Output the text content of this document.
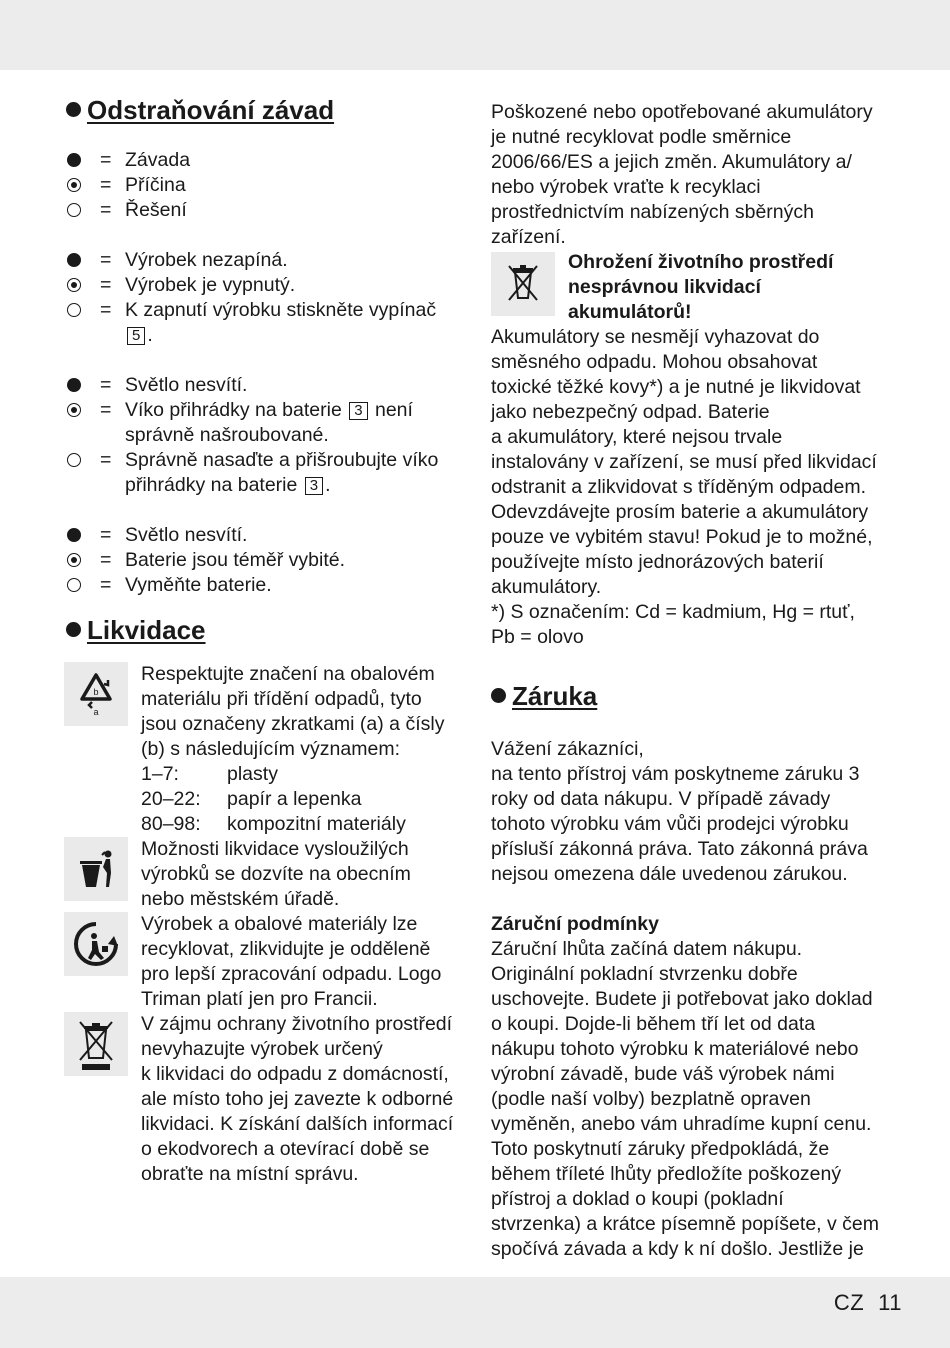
Odstraňování závad
= Závada
= Příčina
= Řešení
= Výrobek nezapíná.
= Výrobek je vypnutý.
= K zapnutí výrobku stiskněte vypínač
5 .
= Světlo nesvítí.
= Víko přihrádky na baterie 3 není
správně našroubované.
= Správně nasaďte a přišroubujte víko
přihrádky na baterie 3 .
= Světlo nesvítí.
= Baterie jsou téměř vybité.
= Vyměňte baterie.
Likvidace
b
a
Respektujte značení na obalovém
materiálu při třídění odpadů, tyto
jsou označeny zkratkami (a) a čísly
(b) s následujícím významem:
1–7: plasty
20–22: papír a lepenka
80–98: kompozitní materiály
Možnosti likvidace vysloužilých
výrobků se dozvíte na obecním
nebo městském úřadě.
Výrobek a obalové materiály lze
recyklovat, zlikvidujte je odděleně
pro lepší zpracování odpadu. Logo
Triman platí jen pro Francii.
V zájmu ochrany životního prostředí
nevyhazujte výrobek určený
k likvidaci do odpadu z domácností,
ale místo toho jej zavezte k odborné
likvidaci. K získání dalších informací
o ekodvorech a otevírací době se
obraťte na místní správu.
Poškozené nebo opotřebované akumulátory
je nutné recyklovat podle směrnice
2006/66/ES a jejich změn. Akumulátory a/
nebo výrobek vraťte k recyklaci
prostřednictvím nabízených sběrných
zařízení.
Ohrožení životního prostředí
nesprávnou likvidací
akumulátorů!
Akumulátory se nesmějí vyhazovat do
směsného odpadu. Mohou obsahovat
toxické těžké kovy*) a je nutné je likvidovat
jako nebezpečný odpad. Baterie
a akumulátory, které nejsou trvale
instalovány v zařízení, se musí před likvidací
odstranit a zlikvidovat s tříděným odpadem.
Odevzdávejte prosím baterie a akumulátory
pouze ve vybitém stavu! Pokud je to možné,
používejte místo jednorázových baterií
akumulátory.
*) S označením: Cd = kadmium, Hg = rtuť,
Pb = olovo
Záruka
Vážení zákazníci,
na tento přístroj vám poskytneme záruku 3
roky od data nákupu. V případě závady
tohoto výrobku vám vůči prodejci výrobku
přísluší zákonná práva. Tato zákonná práva
nejsou omezena dále uvedenou zárukou.
Záruční podmínky
Záruční lhůta začíná datem nákupu.
Originální pokladní stvrzenku dobře
uschovejte. Budete ji potřebovat jako doklad
o koupi. Dojde-li během tří let od data
nákupu tohoto výrobku k materiálové nebo
výrobní závadě, bude váš výrobek námi
(podle naší volby) bezplatně opraven
vyměněn, anebo vám uhradíme kupní cenu.
Toto poskytnutí záruky předpokládá, že
během tříleté lhůty předložíte poškozený
přístroj a doklad o koupi (pokladní
stvrzenka) a krátce písemně popíšete, v čem
spočívá závada a kdy k ní došlo. Jestliže je
CZ 11
